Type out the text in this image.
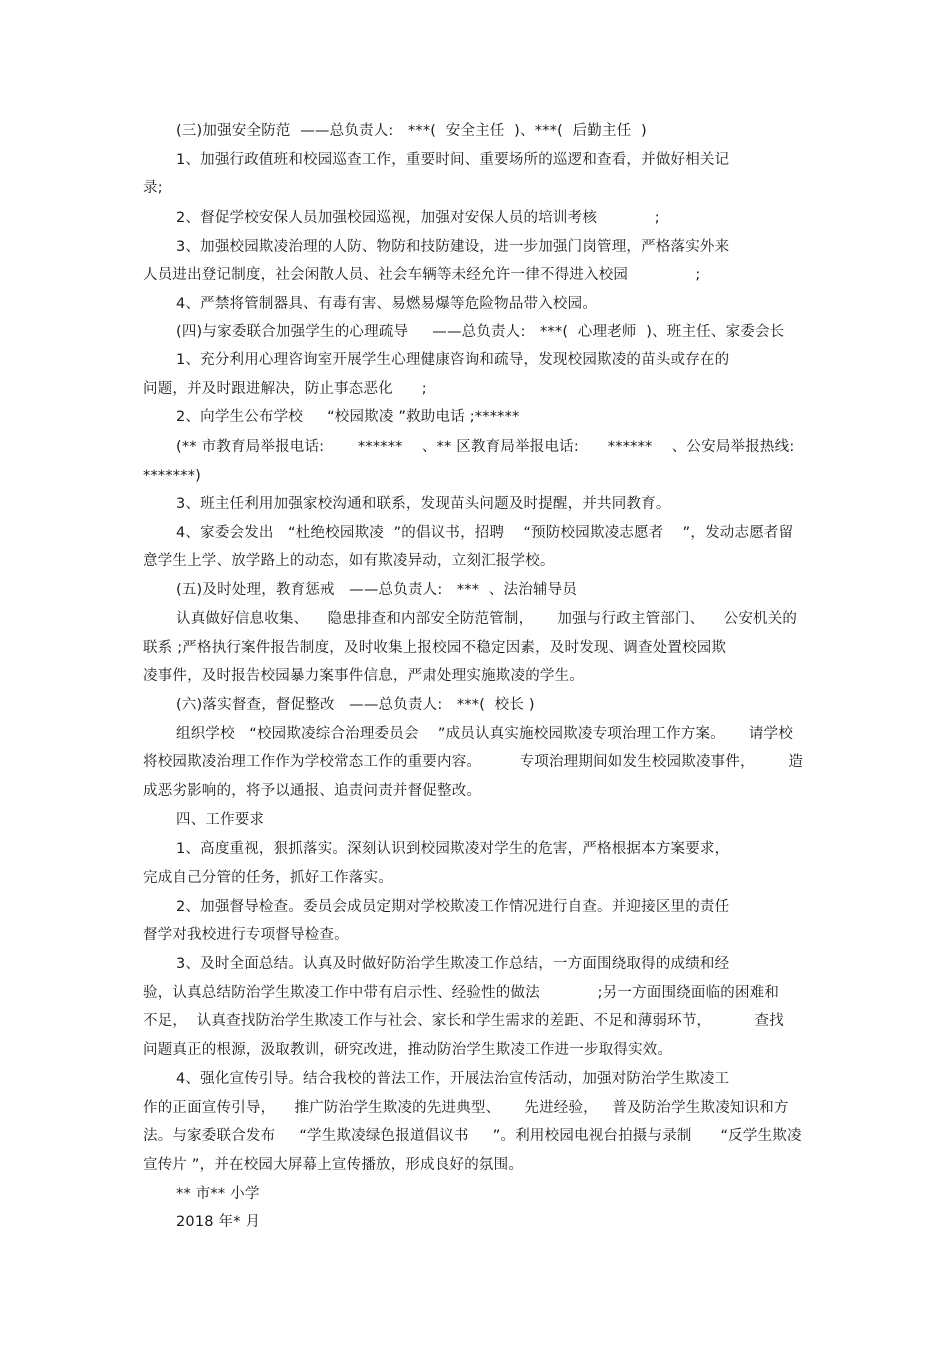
(三)加强安全防范  ——总负责人:   ***(  安全主任  )、***(  后勤主任  )
1、加强行政值班和校园巡查工作，重要时间、重要场所的巡逻和查看，并做好相关记
录;
2、督促学校安保人员加强校园巡视，加强对安保人员的培训考核            ;
3、加强校园欺凌治理的人防、物防和技防建设，进一步加强门岗管理，严格落实外来
人员进出登记制度，社会闲散人员、社会车辆等未经允许一律不得进入校园              ;
4、严禁将管制器具、有毒有害、易燃易爆等危险物品带入校园。
(四)与家委联合加强学生的心理疏导     ——总负责人:   ***(  心理老师  )、班主任、家委会长
1、充分利用心理咨询室开展学生心理健康咨询和疏导，发现校园欺凌的苗头或存在的
问题，并及时跟进解决，防止事态恶化      ;
2、向学生公布学校     “校园欺凌 ”救助电话 ;******
(** 市教育局举报电话:       ******    、** 区教育局举报电话:      ******    、公安局举报热线:
*******)
3、班主任利用加强家校沟通和联系，发现苗头问题及时提醒，并共同教育。
4、家委会发出   “杜绝校园欺凌  ”的倡议书，招聘    “预防校园欺凌志愿者    ”，发动志愿者留
意学生上学、放学路上的动态，如有欺凌异动，立刻汇报学校。
(五)及时处理，教育惩戒   ——总负责人:   ***  、法治辅导员
认真做好信息收集、    隐患排查和内部安全防范管制，     加强与行政主管部门、    公安机关的
联系 ;严格执行案件报告制度，及时收集上报校园不稳定因素，及时发现、调查处置校园欺
凌事件，及时报告校园暴力案事件信息，严肃处理实施欺凌的学生。
(六)落实督查，督促整改   ——总负责人:   ***(  校长 )
组织学校   “校园欺凌综合治理委员会    ”成员认真实施校园欺凌专项治理工作方案。     请学校
将校园欺凌治理工作作为学校常态工作的重要内容。        专项治理期间如发生校园欺凌事件，       造
成恶劣影响的，将予以通报、追责问责并督促整改。
四、工作要求
1、高度重视，狠抓落实。深刻认识到校园欺凌对学生的危害，严格根据本方案要求，
完成自己分管的任务，抓好工作落实。
2、加强督导检查。委员会成员定期对学校欺凌工作情况进行自查。并迎接区里的责任
督学对我校进行专项督导检查。
3、及时全面总结。认真及时做好防治学生欺凌工作总结，一方面围绕取得的成绩和经
验，认真总结防治学生欺凌工作中带有启示性、经验性的做法            ;另一方面围绕面临的困难和
不足，  认真查找防治学生欺凌工作与社会、家长和学生需求的差距、不足和薄弱环节，         查找
问题真正的根源，汲取教训，研究改进，推动防治学生欺凌工作进一步取得实效。
4、强化宣传引导。结合我校的普法工作，开展法治宣传活动，加强对防治学生欺凌工
作的正面宣传引导，    推广防治学生欺凌的先进典型、     先进经验，   普及防治学生欺凌知识和方
法。与家委联合发布     “学生欺凌绿色报道倡议书     ”。利用校园电视台拍摄与录制      “反学生欺凌
宣传片 ”，并在校园大屏幕上宣传播放，形成良好的氛围。
** 市** 小学
2018 年* 月
